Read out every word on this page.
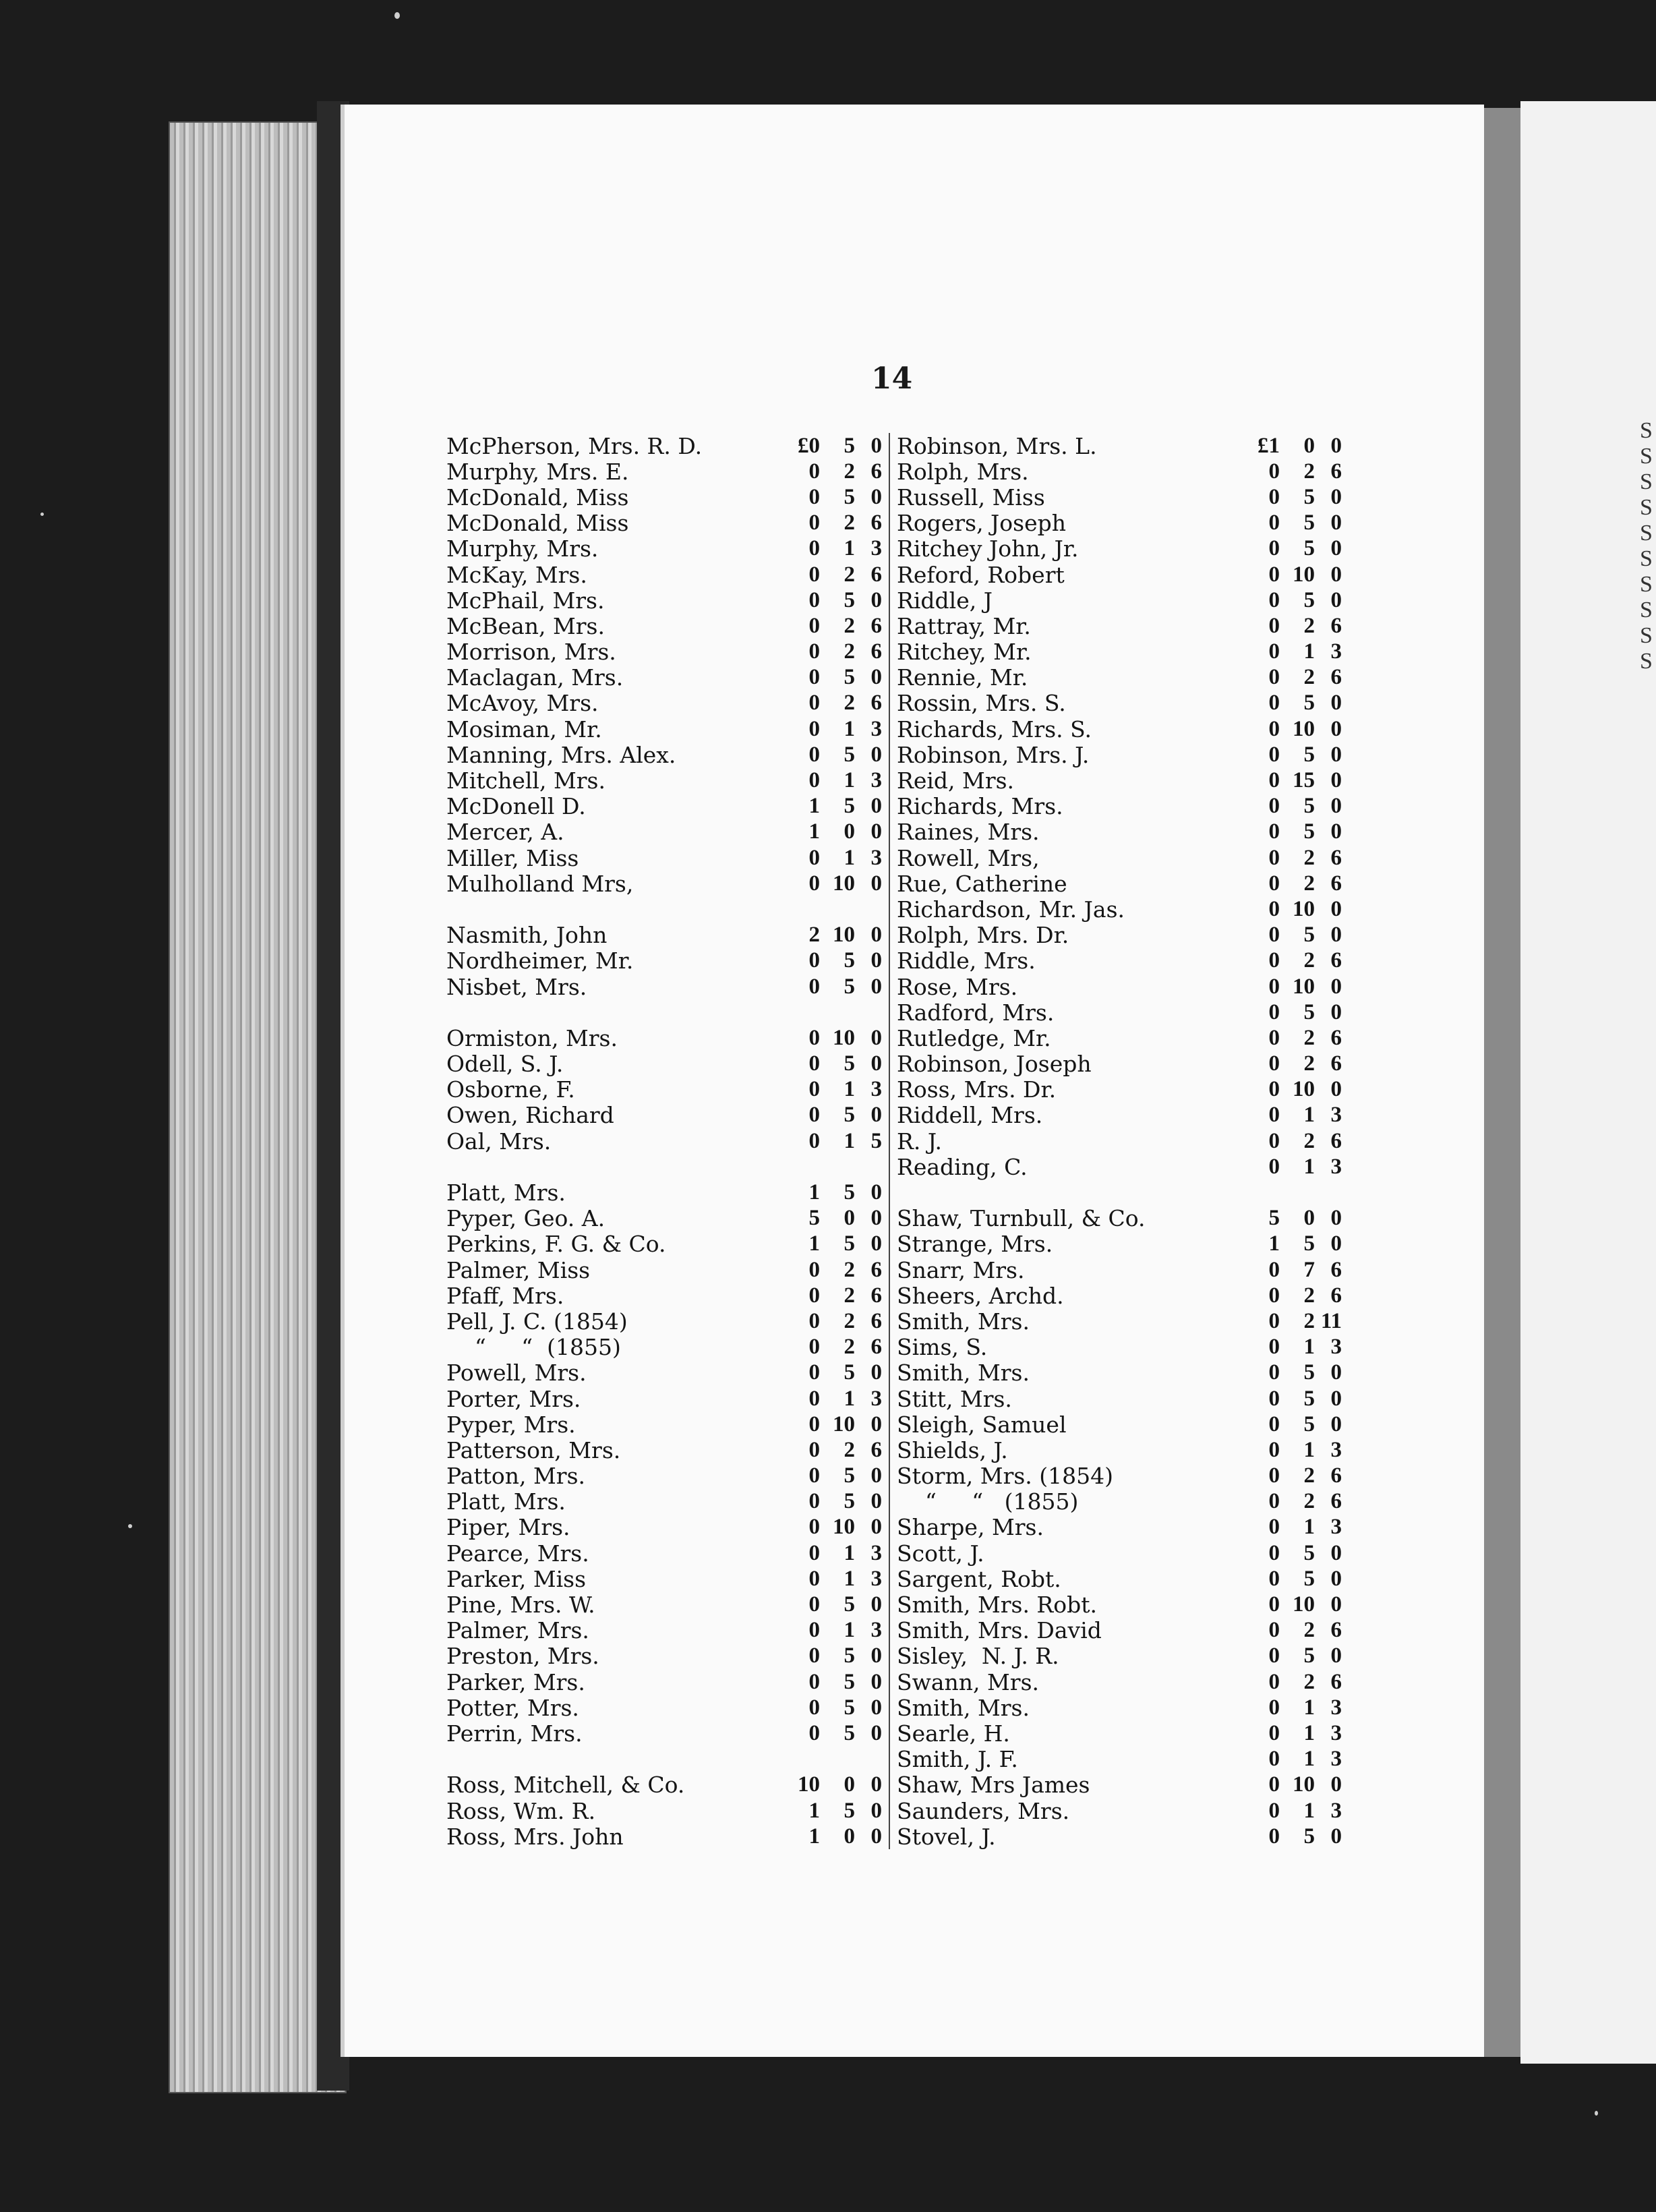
S
S
S
S
S
S
S
S
S
S
14
McPherson, Mrs. R. D.	£0	5 0
Murphy, Mrs. E.	0	2 6
McDonald, Miss	0	5 0
McDonald, Miss	0	2 6
Murphy, Mrs.	0	1 3
McKay, Mrs.	0	2 6
McPhail, Mrs.	0	5 0
McBean, Mrs.	0	2 6
Morrison, Mrs.	0	2 6
Maclagan, Mrs.	0	5 0
McAvoy, Mrs.	0	2 6
Mosiman, Mr.	0	1 3
Manning, Mrs. Alex.	0	5 0
Mitchell, Mrs.	0	1 3
McDonell D.	1	5 0
Mercer, A.	1	0 0
Miller, Miss	0	1 3
Mulholland Mrs,	0 10 0
Nasmith, John	2 10 0
Nordheimer, Mr.	0	5 0
Nisbet, Mrs.	0	5 0
Ormiston, Mrs.	0 10 0
Odell, S. J.	0	5 0
Osborne, F.	0	1 3
Owen, Richard	0	5 0
Oal, Mrs.	0	1 5
Platt, Mrs.	1	5 0
Pyper, Geo. A.	5	0 0
Perkins, F. G. & Co.	1	5 0
Palmer, Miss	0	2 6
Pfaff, Mrs.	0	2 6
Pell, J. C. (1854)	0	2 6
“     “  (1855)	0	2 6
Powell, Mrs.	0	5 0
Porter, Mrs.	0	1 3
Pyper, Mrs.	0 10 0
Patterson, Mrs.	0	2 6
Patton, Mrs.	0	5 0
Platt, Mrs.	0	5 0
Piper, Mrs.	0 10 0
Pearce, Mrs.	0	1 3
Parker, Miss	0	1 3
Pine, Mrs. W.	0	5 0
Palmer, Mrs.	0	1 3
Preston, Mrs.	0	5 0
Parker, Mrs.	0	5 0
Potter, Mrs.	0	5 0
Perrin, Mrs.	0	5 0
Ross, Mitchell, & Co.	10	0 0
Ross, Wm. R.	1	5 0
Ross, Mrs. John	1	0 0
Robinson, Mrs. L.	£1	0 0
Rolph, Mrs.	0	2 6
Russell, Miss	0	5 0
Rogers, Joseph	0	5 0
Ritchey John, Jr.	0	5 0
Reford, Robert	0 10 0
Riddle, J	0	5 0
Rattray, Mr.	0	2 6
Ritchey, Mr.	0	1 3
Rennie, Mr.	0	2 6
Rossin, Mrs. S.	0	5 0
Richards, Mrs. S.	0 10 0
Robinson, Mrs. J.	0	5 0
Reid, Mrs.	0 15 0
Richards, Mrs.	0	5 0
Raines, Mrs.	0	5 0
Rowell, Mrs,	0	2 6
Rue, Catherine	0	2 6
Richardson, Mr. Jas.	0 10 0
Rolph, Mrs. Dr.	0	5 0
Riddle, Mrs.	0	2 6
Rose, Mrs.	0 10 0
Radford, Mrs.	0	5 0
Rutledge, Mr.	0	2 6
Robinson, Joseph	0	2 6
Ross, Mrs. Dr.	0 10 0
Riddell, Mrs.	0	1 3
R. J.	0	2 6
Reading, C.	0	1 3
Shaw, Turnbull, & Co.	5	0 0
Strange, Mrs.	1	5 0
Snarr, Mrs.	0	7 6
Sheers, Archd.	0	2 6
Smith, Mrs.	0	2 11
Sims, S.	0	1 3
Smith, Mrs.	0	5 0
Stitt, Mrs.	0	5 0
Sleigh, Samuel	0	5 0
Shields, J.	0	1 3
Storm, Mrs. (1854)	0	2 6
“     “   (1855)	0	2 6
Sharpe, Mrs.	0	1 3
Scott, J.	0	5 0
Sargent, Robt.	0	5 0
Smith, Mrs. Robt.	0 10 0
Smith, Mrs. David	0	2 6
Sisley,  N. J. R.	0	5 0
Swann, Mrs.	0	2 6
Smith, Mrs.	0	1 3
Searle, H.	0	1 3
Smith, J. F.	0	1 3
Shaw, Mrs James	0 10 0
Saunders, Mrs.	0	1 3
Stovel, J.	0	5 0
